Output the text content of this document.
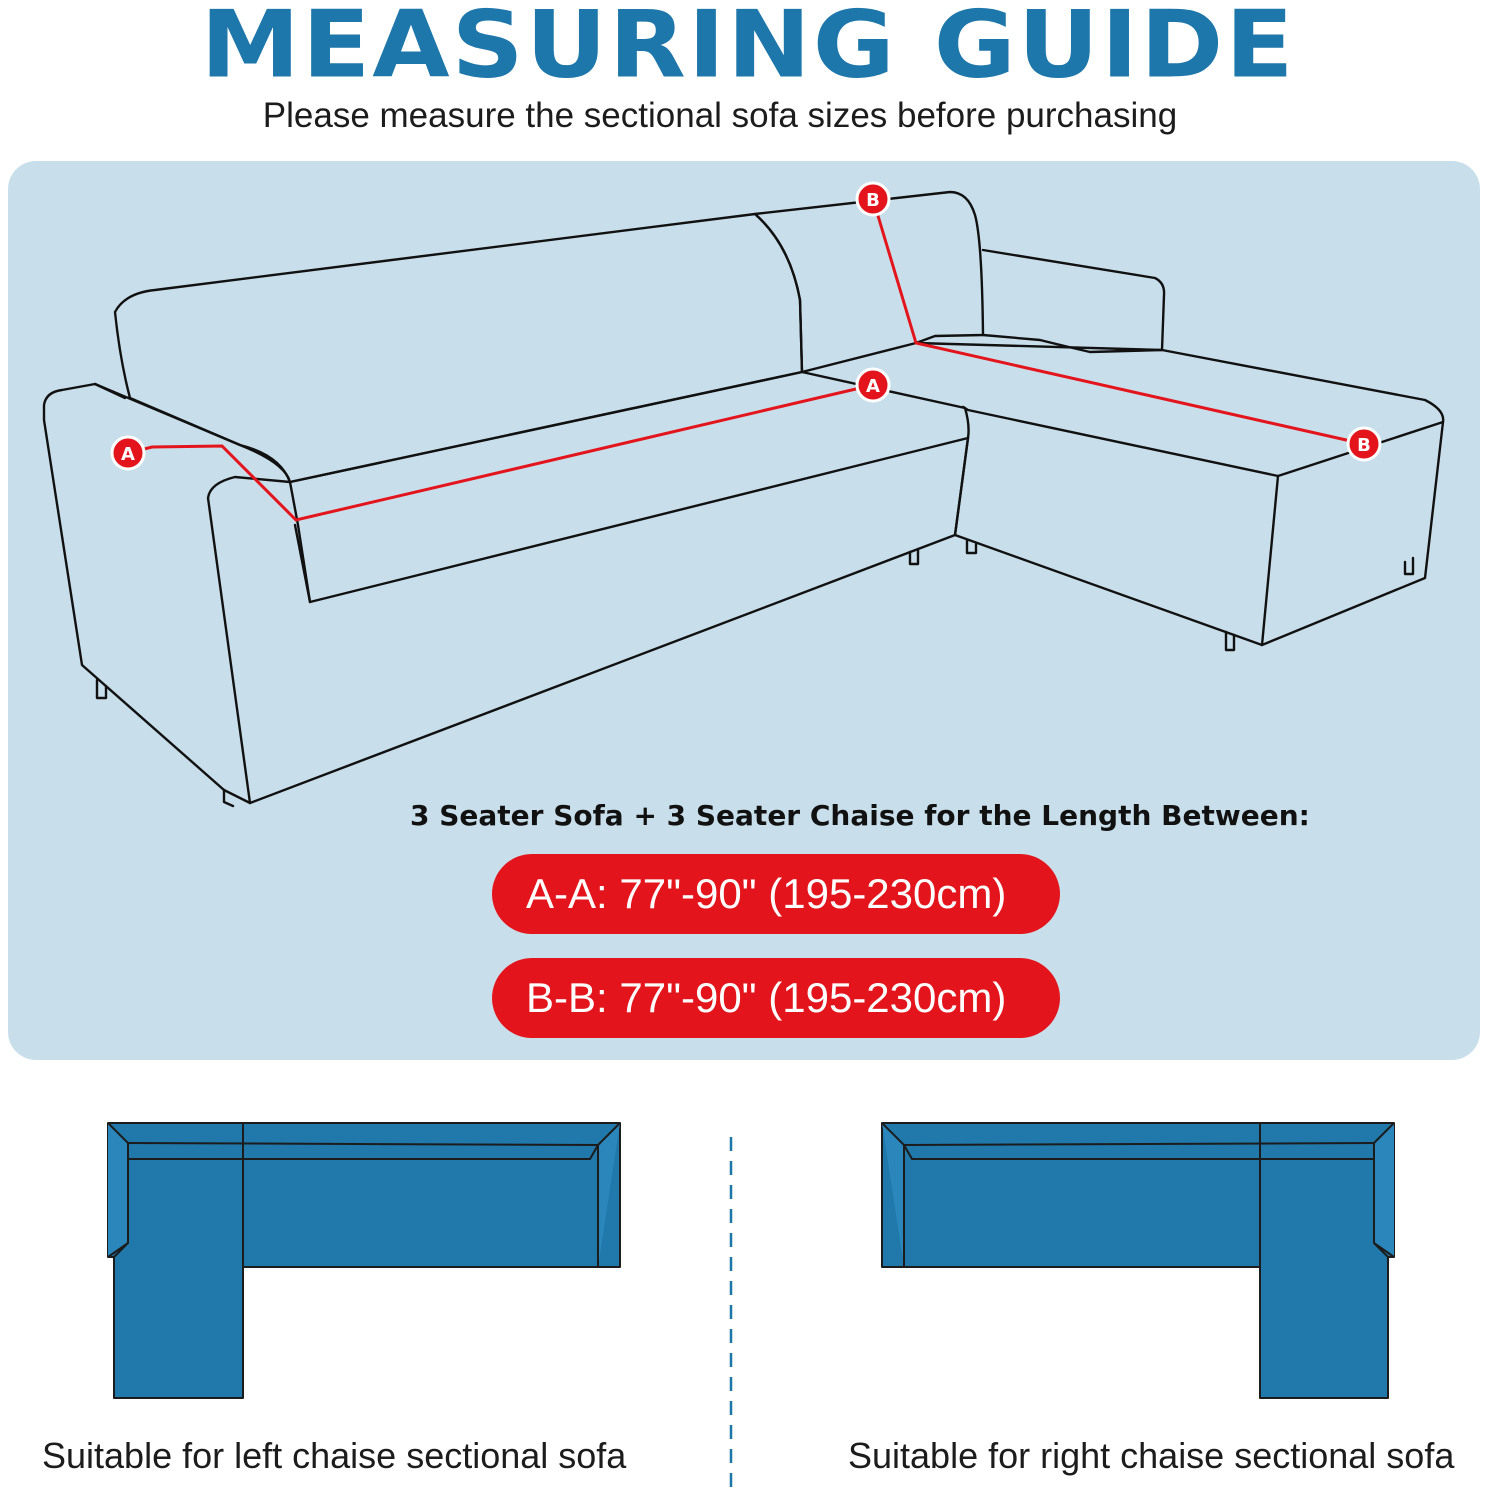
MEASURING GUIDE
Please measure the sectional sofa sizes before purchasing
A
A
B
B
3 Seater Sofa + 3 Seater Chaise for the Length Between:
A-A: 77"-90" (195-230cm)
B-B: 77"-90" (195-230cm)
Suitable for left chaise sectional sofa	Suitable for right chaise sectional sofa
